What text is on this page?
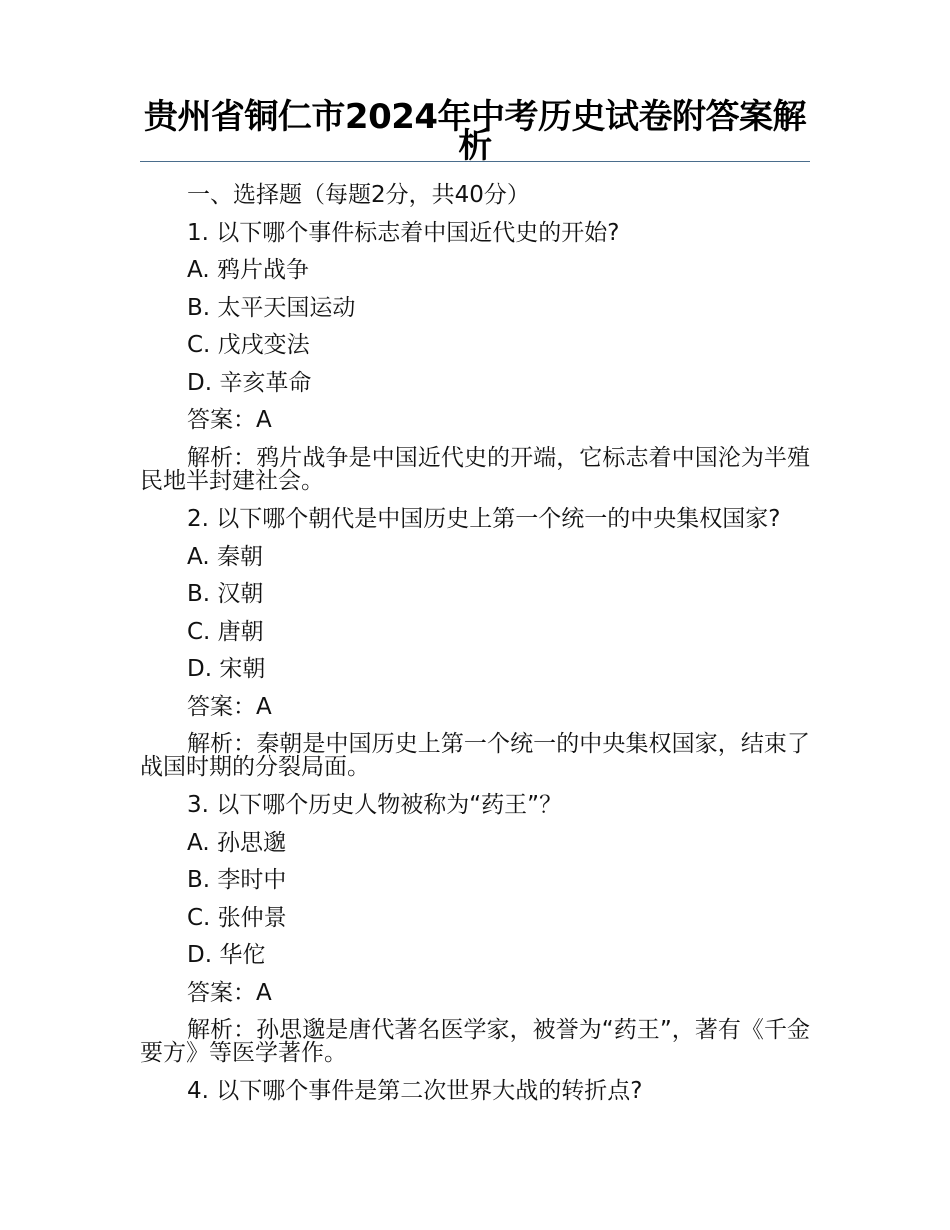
贵州省铜仁市2024年中考历史试卷附答案解析

一、选择题（每题2分，共40分）

1. 以下哪个事件标志着中国近代史的开始?

A. 鸦片战争

B. 太平天国运动

C. 戊戌变法

D. 辛亥革命

答案：A

解析：鸦片战争是中国近代史的开端，它标志着中国沦为半殖民地半封建社会。

2. 以下哪个朝代是中国历史上第一个统一的中央集权国家?

A. 秦朝

B. 汉朝

C. 唐朝

D. 宋朝

答案：A

解析：秦朝是中国历史上第一个统一的中央集权国家，结束了战国时期的分裂局面。

3. 以下哪个历史人物被称为“药王”？

A. 孙思邈

B. 李时中

C. 张仲景

D. 华佗

答案：A

解析：孙思邈是唐代著名医学家，被誉为“药王”，著有《千金要方》等医学著作。

4. 以下哪个事件是第二次世界大战的转折点?
